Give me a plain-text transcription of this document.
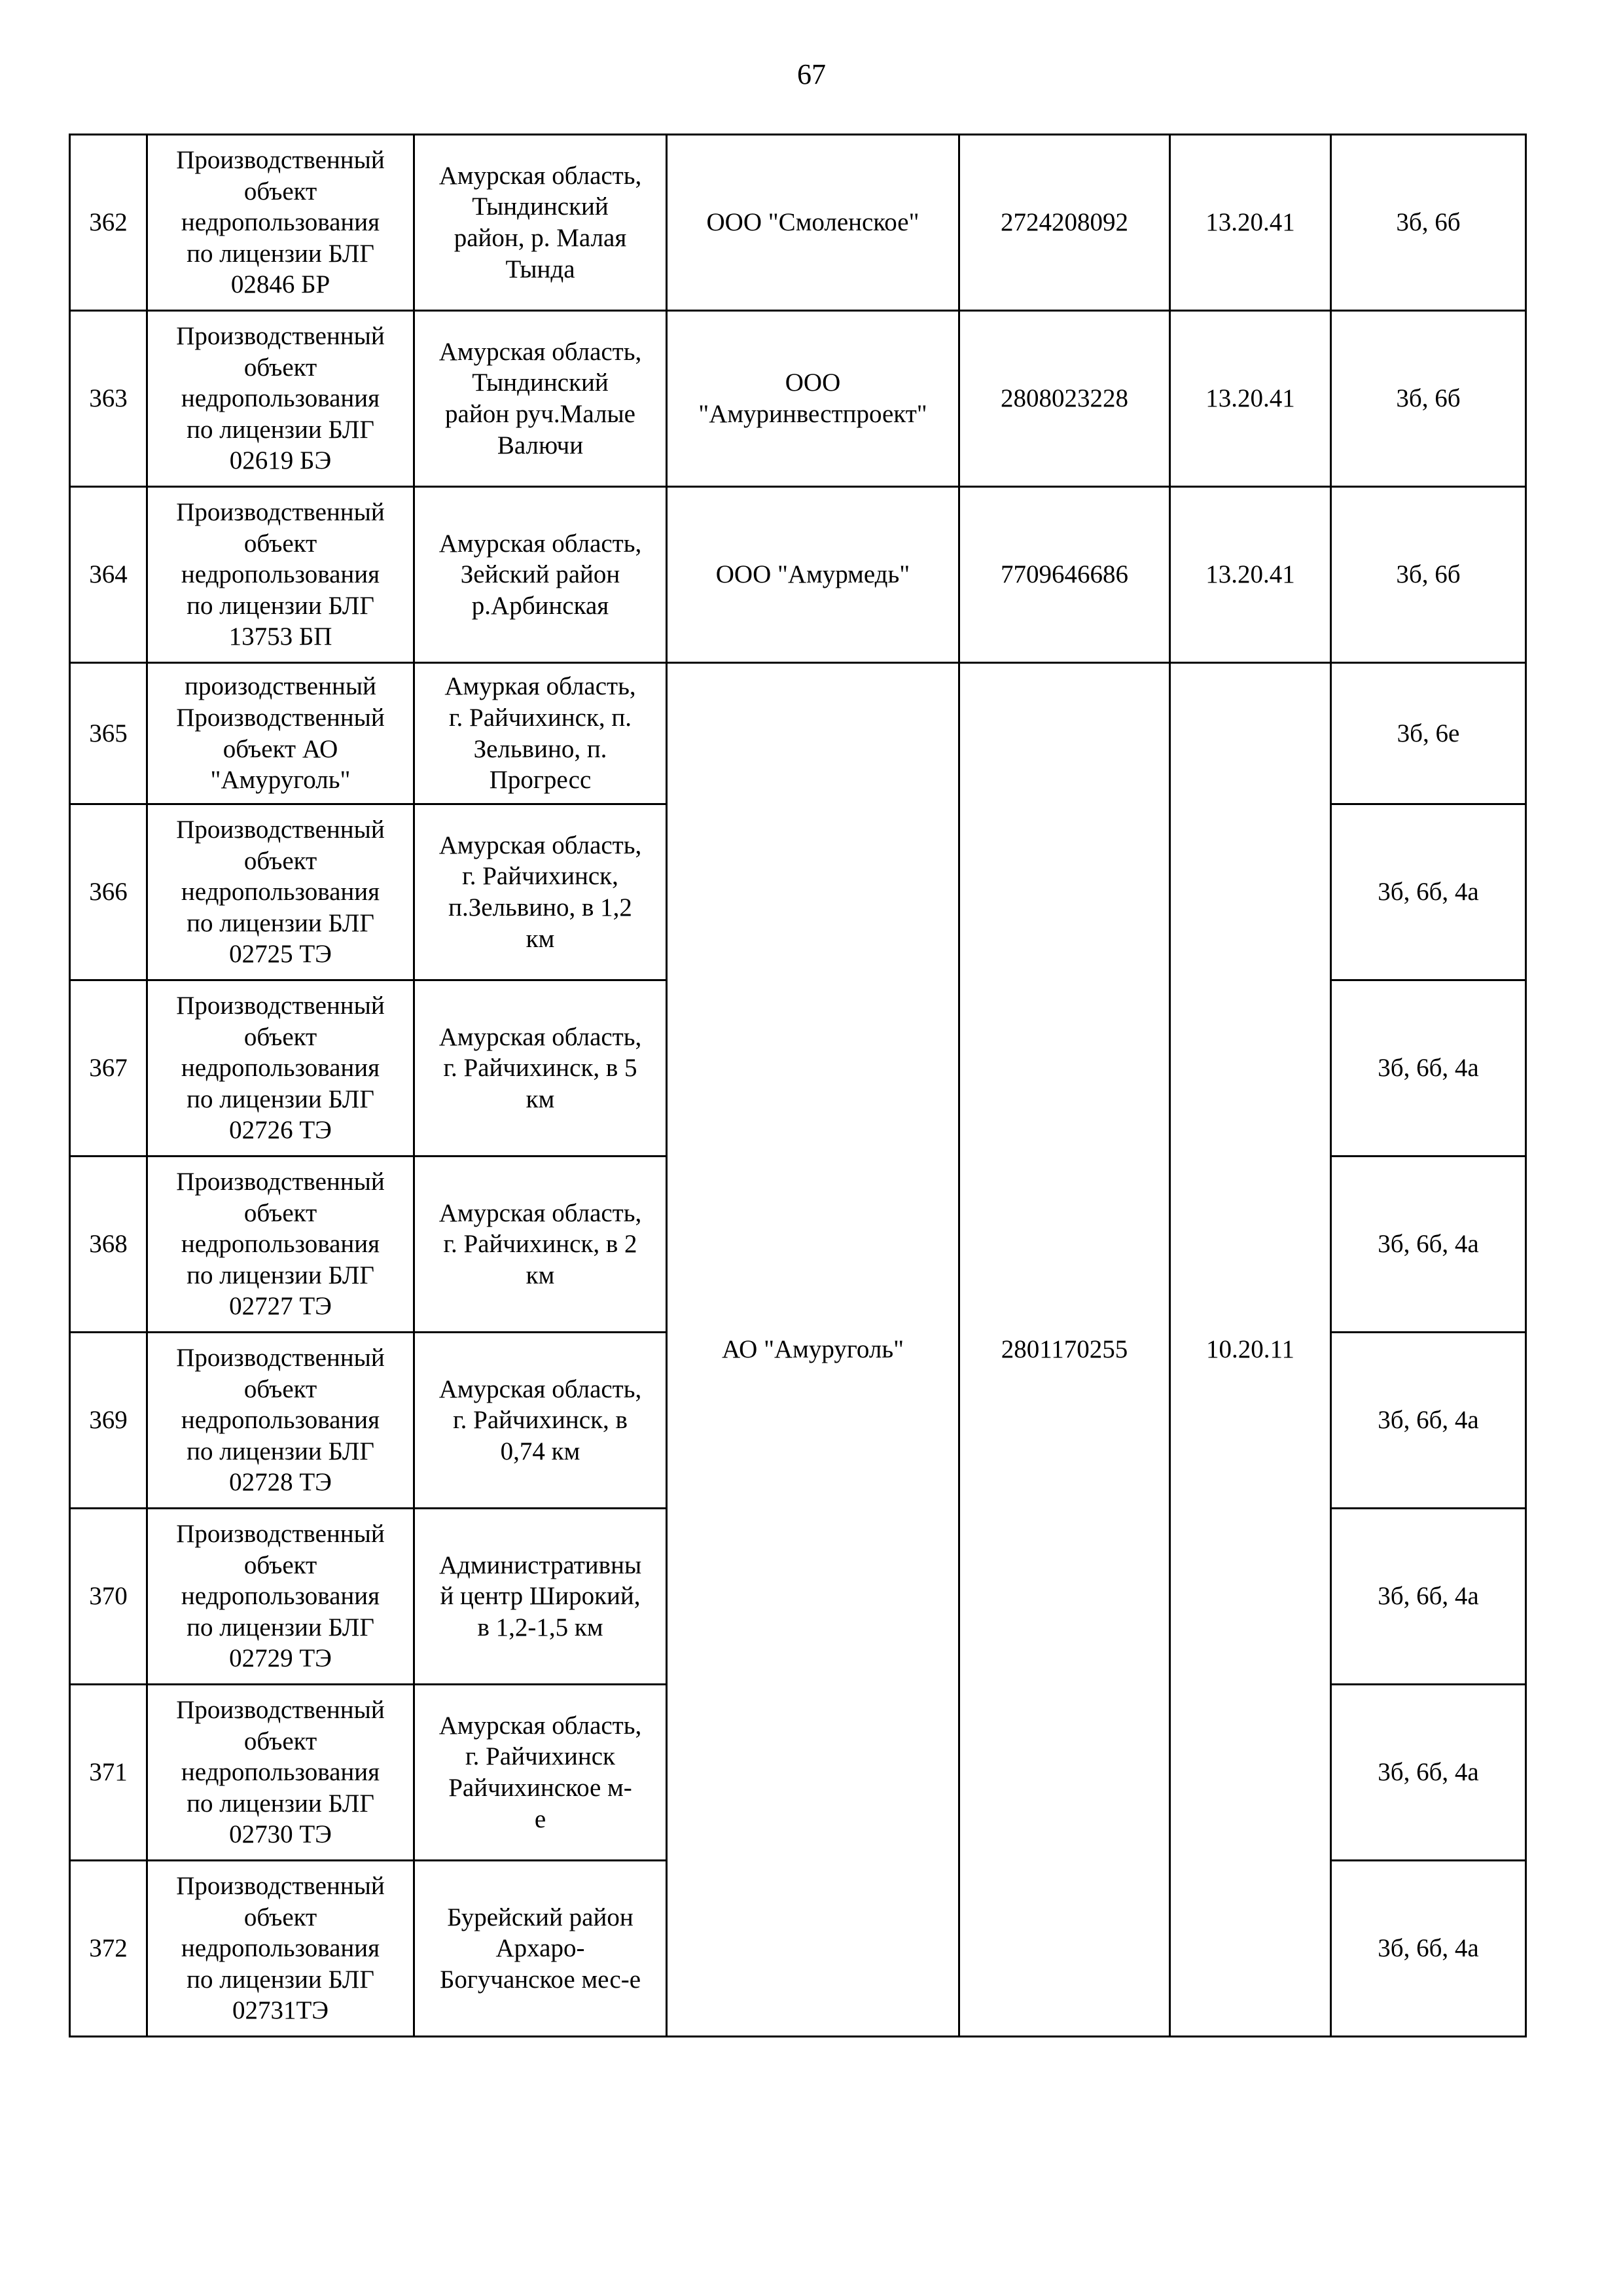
67
362	Производственный
объект
недропользования
по лицензии БЛГ
02846 БР	Амурская область,
Тындинский
район, р. Малая
Тында	ООО "Смоленское"	2724208092	13.20.41	3б, 6б
363	Производственный
объект
недропользования
по лицензии БЛГ
02619 БЭ	Амурская область,
Тындинский
район руч.Малые
Валючи	ООО
"Амуринвестпроект"	2808023228	13.20.41	3б, 6б
364	Производственный
объект
недропользования
по лицензии БЛГ
13753 БП	Амурская область,
Зейский район
р.Арбинская	ООО "Амурмедь"	7709646686	13.20.41	3б, 6б
365	произодственный
Производственный
объект АО
"Амуруголь"	Амуркая область,
г. Райчихинск, п.
Зельвино, п.
Прогресс	АО "Амуруголь"	2801170255	10.20.11	3б, 6е
366	Производственный
объект
недропользования
по лицензии БЛГ
02725 ТЭ	Амурская область,
г. Райчихинск,
п.Зельвино, в 1,2
км				3б, 6б, 4а
367	Производственный
объект
недропользования
по лицензии БЛГ
02726 ТЭ	Амурская область,
г. Райчихинск, в 5
км				3б, 6б, 4а
368	Производственный
объект
недропользования
по лицензии БЛГ
02727 ТЭ	Амурская область,
г. Райчихинск, в 2
км				3б, 6б, 4а
369	Производственный
объект
недропользования
по лицензии БЛГ
02728 ТЭ	Амурская область,
г. Райчихинск, в
0,74 км				3б, 6б, 4а
370	Производственный
объект
недропользования
по лицензии БЛГ
02729 ТЭ	Административны
й центр Широкий,
в 1,2-1,5 км				3б, 6б, 4а
371	Производственный
объект
недропользования
по лицензии БЛГ
02730 ТЭ	Амурская область,
г. Райчихинск
Райчихинское м-
е				3б, 6б, 4а
372	Производственный
объект
недропользования
по лицензии БЛГ
02731ТЭ	Бурейский район
Архаро-
Богучанское мес-е				3б, 6б, 4а
